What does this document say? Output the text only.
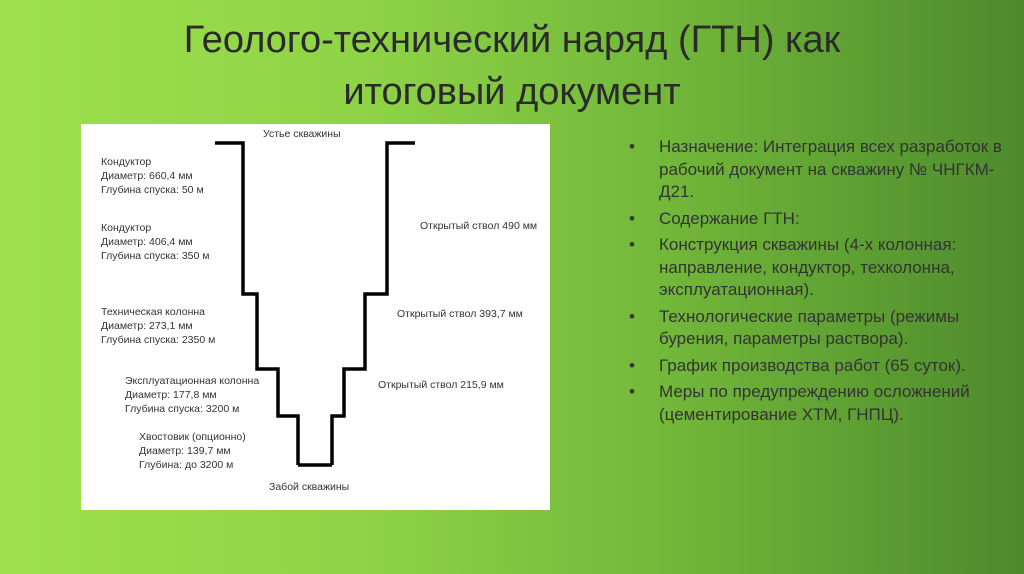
Геолого-технический наряд (ГТН) как
итоговый документ
Устье скважины
Забой скважины
Кондуктор
Диаметр: 660,4 мм
Глубина спуска: 50 м
Кондуктор
Диаметр: 406,4 мм
Глубина спуска: 350 м
Техническая колонна
Диаметр: 273,1 мм
Глубина спуска: 2350 м
Эксплуатационная колонна
Диаметр: 177,8 мм
Глубина спуска: 3200 м
Хвостовик (опционно)
Диаметр: 139,7 мм
Глубина: до 3200 м
Открытый ствол 490 мм
Открытый ствол 393,7 мм
Открытый ствол 215,9 мм
• Назначение: Интеграция всех разработок в рабочий документ на скважину № ЧНГКМ-Д21.
• Содержание ГТН:
• Конструкция скважины (4-х колонная: направление, кондуктор, техколонна, эксплуатационная).
• Технологические параметры (режимы бурения, параметры раствора).
• График производства работ (65 суток).
• Меры по предупреждению осложнений (цементирование ХТМ, ГНПЦ).
